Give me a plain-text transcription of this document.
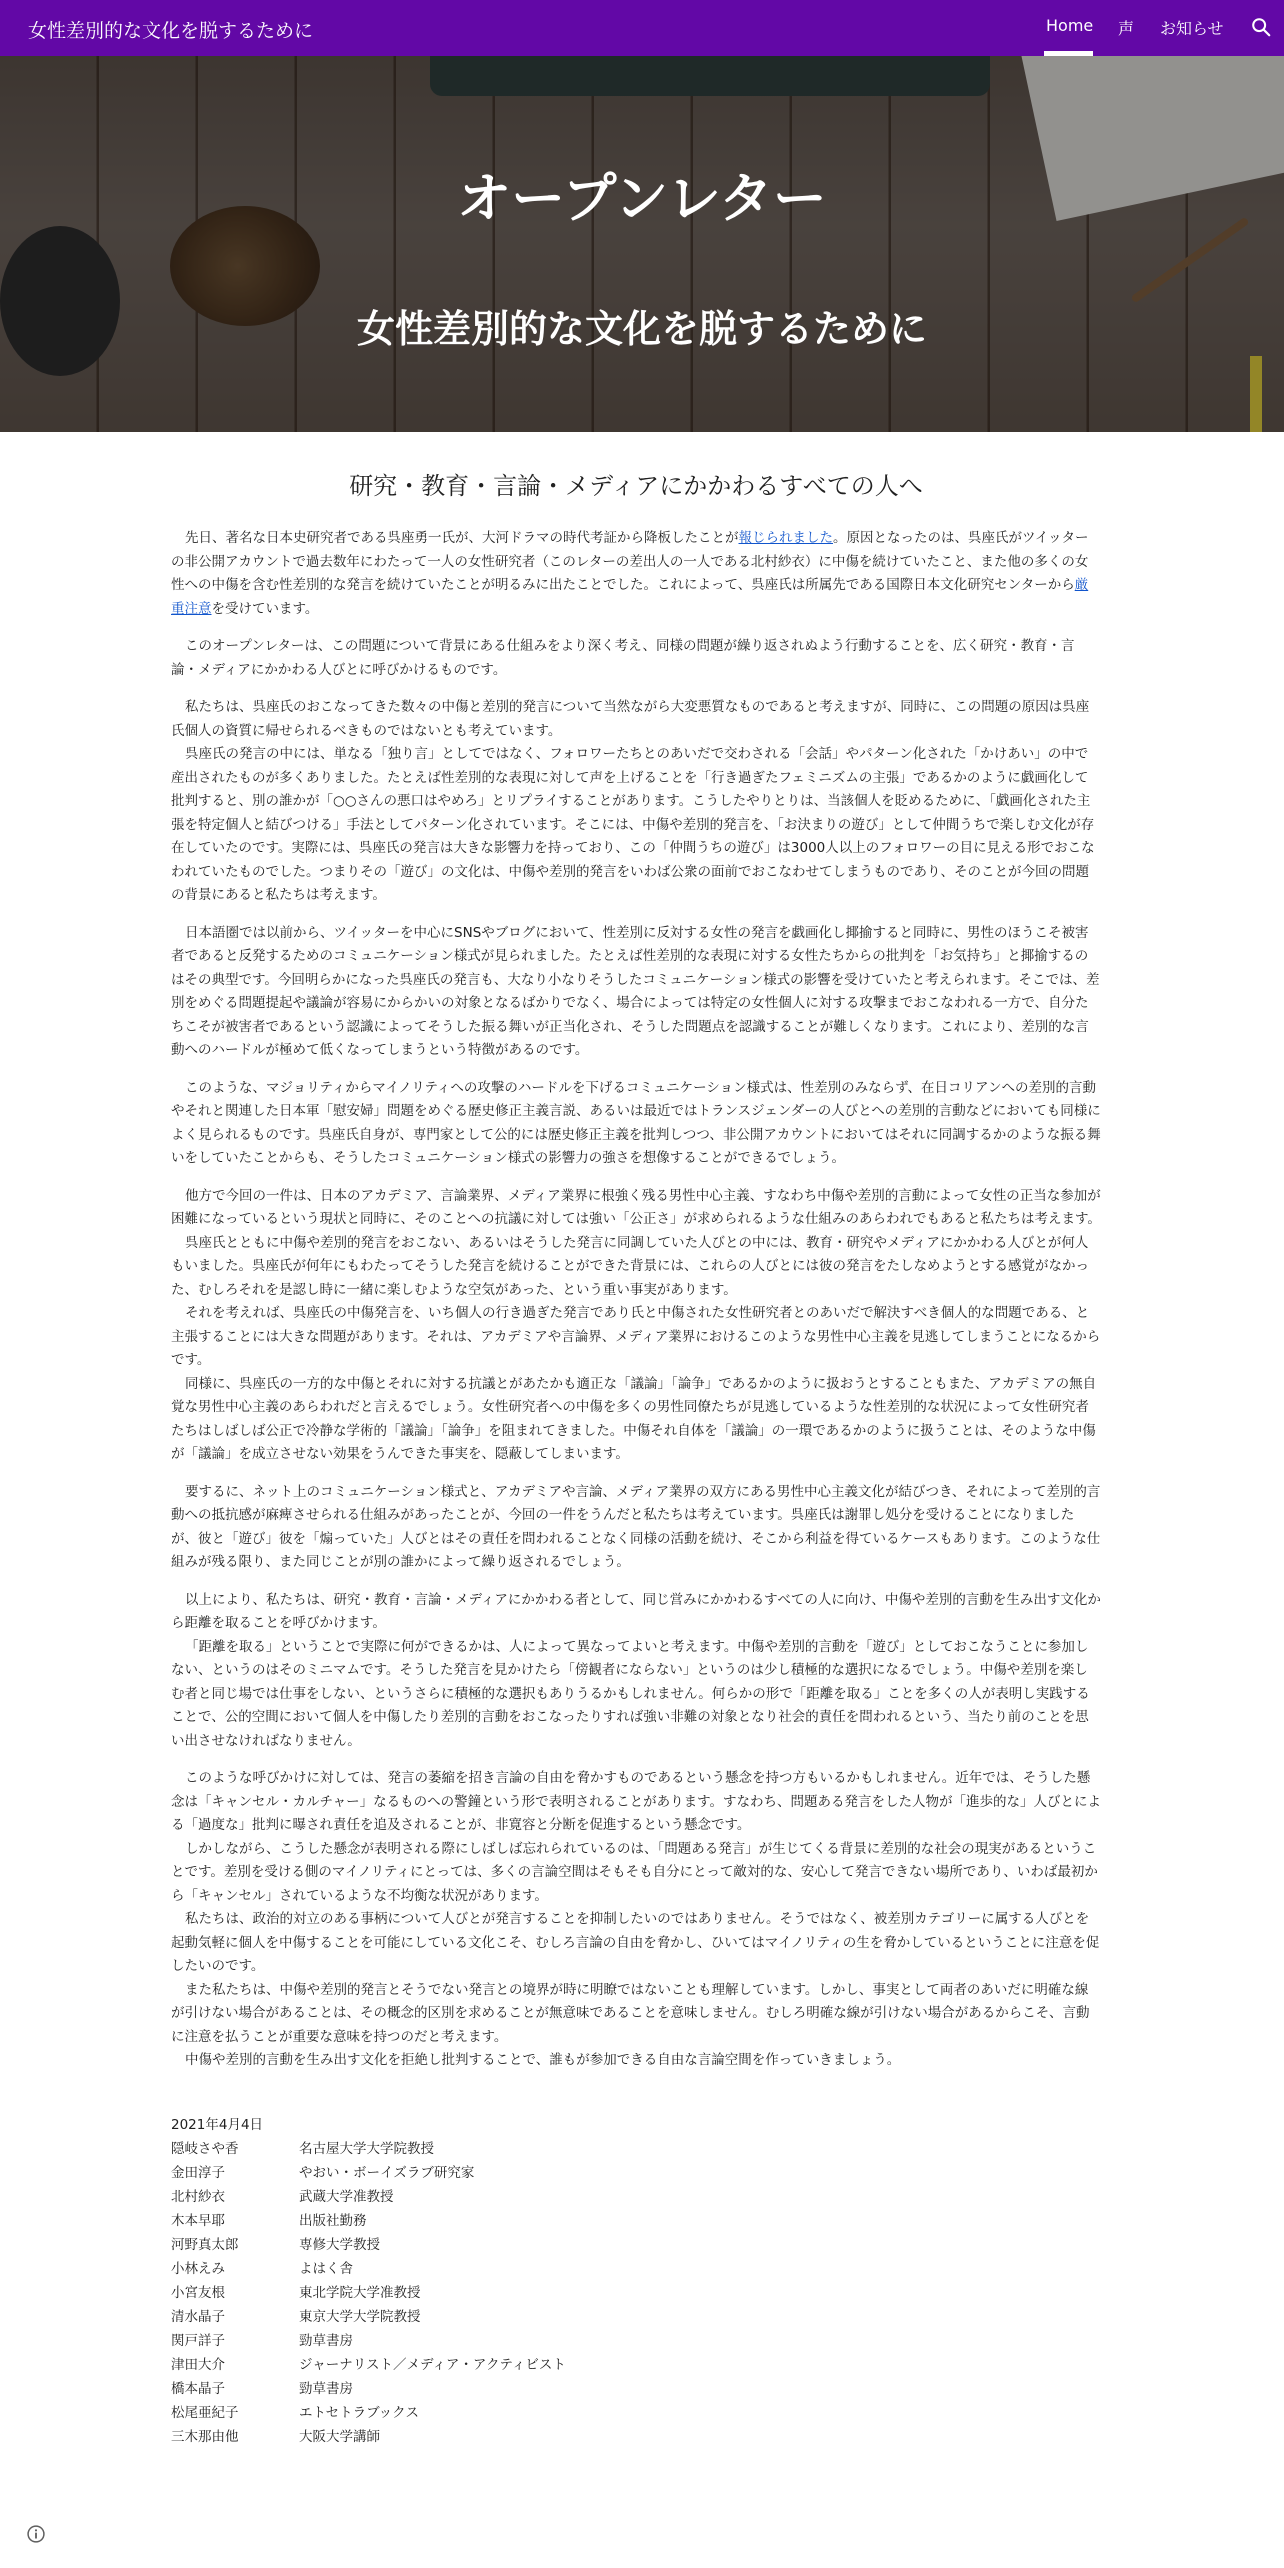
女性差別的な文化を脱するために	Home 声 お知らせ
オープンレター
女性差別的な文化を脱するために
研究・教育・言論・メディアにかかわるすべての人へ

先日、著名な日本史研究者である呉座勇一氏が、大河ドラマの時代考証から降板したことが報じられました。原因となったのは、呉座氏がツイッターの非公開アカウントで過去数年にわたって一人の女性研究者（このレターの差出人の一人である北村紗衣）に中傷を続けていたこと、また他の多くの女性への中傷を含む性差別的な発言を続けていたことが明るみに出たことでした。これによって、呉座氏は所属先である国際日本文化研究センターから厳重注意を受けています。

このオープンレターは、この問題について背景にある仕組みをより深く考え、同様の問題が繰り返されぬよう行動することを、広く研究・教育・言論・メディアにかかわる人びとに呼びかけるものです。

私たちは、呉座氏のおこなってきた数々の中傷と差別的発言について当然ながら大変悪質なものであると考えますが、同時に、この問題の原因は呉座氏個人の資質に帰せられるべきものではないとも考えています。
呉座氏の発言の中には、単なる「独り言」としてではなく、フォロワーたちとのあいだで交わされる「会話」やパターン化された「かけあい」の中で産出されたものが多くありました。たとえば性差別的な表現に対して声を上げることを「行き過ぎたフェミニズムの主張」であるかのように戯画化して批判すると、別の誰かが「○○さんの悪口はやめろ」とリプライすることがあります。こうしたやりとりは、当該個人を貶めるために、「戯画化された主張を特定個人と結びつける」手法としてパターン化されています。そこには、中傷や差別的発言を、「お決まりの遊び」として仲間うちで楽しむ文化が存在していたのです。実際には、呉座氏の発言は大きな影響力を持っており、この「仲間うちの遊び」は3000人以上のフォロワーの目に見える形でおこなわれていたものでした。つまりその「遊び」の文化は、中傷や差別的発言をいわば公衆の面前でおこなわせてしまうものであり、そのことが今回の問題の背景にあると私たちは考えます。

日本語圏では以前から、ツイッターを中心にSNSやブログにおいて、性差別に反対する女性の発言を戯画化し揶揄すると同時に、男性のほうこそ被害者であると反発するためのコミュニケーション様式が見られました。たとえば性差別的な表現に対する女性たちからの批判を「お気持ち」と揶揄するのはその典型です。今回明らかになった呉座氏の発言も、大なり小なりそうしたコミュニケーション様式の影響を受けていたと考えられます。そこでは、差別をめぐる問題提起や議論が容易にからかいの対象となるばかりでなく、場合によっては特定の女性個人に対する攻撃までおこなわれる一方で、自分たちこそが被害者であるという認識によってそうした振る舞いが正当化され、そうした問題点を認識することが難しくなります。これにより、差別的な言動へのハードルが極めて低くなってしまうという特徴があるのです。

このような、マジョリティからマイノリティへの攻撃のハードルを下げるコミュニケーション様式は、性差別のみならず、在日コリアンへの差別的言動やそれと関連した日本軍「慰安婦」問題をめぐる歴史修正主義言説、あるいは最近ではトランスジェンダーの人びとへの差別的言動などにおいても同様によく見られるものです。呉座氏自身が、専門家として公的には歴史修正主義を批判しつつ、非公開アカウントにおいてはそれに同調するかのような振る舞いをしていたことからも、そうしたコミュニケーション様式の影響力の強さを想像することができるでしょう。

他方で今回の一件は、日本のアカデミア、言論業界、メディア業界に根強く残る男性中心主義、すなわち中傷や差別的言動によって女性の正当な参加が困難になっているという現状と同時に、そのことへの抗議に対しては強い「公正さ」が求められるような仕組みのあらわれでもあると私たちは考えます。
呉座氏とともに中傷や差別的発言をおこない、あるいはそうした発言に同調していた人びとの中には、教育・研究やメディアにかかわる人びとが何人もいました。呉座氏が何年にもわたってそうした発言を続けることができた背景には、これらの人びとには彼の発言をたしなめようとする感覚がなかった、むしろそれを是認し時に一緒に楽しむような空気があった、という重い事実があります。
それを考えれば、呉座氏の中傷発言を、いち個人の行き過ぎた発言であり氏と中傷された女性研究者とのあいだで解決すべき個人的な問題である、と主張することには大きな問題があります。それは、アカデミアや言論界、メディア業界におけるこのような男性中心主義を見逃してしまうことになるからです。
同様に、呉座氏の一方的な中傷とそれに対する抗議とがあたかも適正な「議論」「論争」であるかのように扱おうとすることもまた、アカデミアの無自覚な男性中心主義のあらわれだと言えるでしょう。女性研究者への中傷を多くの男性同僚たちが見逃しているような性差別的な状況によって女性研究者たちはしばしば公正で冷静な学術的「議論」「論争」を阻まれてきました。中傷それ自体を「議論」の一環であるかのように扱うことは、そのような中傷が「議論」を成立させない効果をうんできた事実を、隠蔽してしまいます。

要するに、ネット上のコミュニケーション様式と、アカデミアや言論、メディア業界の双方にある男性中心主義文化が結びつき、それによって差別的言動への抵抗感が麻痺させられる仕組みがあったことが、今回の一件をうんだと私たちは考えています。呉座氏は謝罪し処分を受けることになりましたが、彼と「遊び」彼を「煽っていた」人びとはその責任を問われることなく同様の活動を続け、そこから利益を得ているケースもあります。このような仕組みが残る限り、また同じことが別の誰かによって繰り返されるでしょう。

以上により、私たちは、研究・教育・言論・メディアにかかわる者として、同じ営みにかかわるすべての人に向け、中傷や差別的言動を生み出す文化から距離を取ることを呼びかけます。
「距離を取る」ということで実際に何ができるかは、人によって異なってよいと考えます。中傷や差別的言動を「遊び」としておこなうことに参加しない、というのはそのミニマムです。そうした発言を見かけたら「傍観者にならない」というのは少し積極的な選択になるでしょう。中傷や差別を楽しむ者と同じ場では仕事をしない、というさらに積極的な選択もありうるかもしれません。何らかの形で「距離を取る」ことを多くの人が表明し実践することで、公的空間において個人を中傷したり差別的言動をおこなったりすれば強い非難の対象となり社会的責任を問われるという、当たり前のことを思い出させなければなりません。

このような呼びかけに対しては、発言の萎縮を招き言論の自由を脅かすものであるという懸念を持つ方もいるかもしれません。近年では、そうした懸念は「キャンセル・カルチャー」なるものへの警鐘という形で表明されることがあります。すなわち、問題ある発言をした人物が「進歩的な」人びとによる「過度な」批判に曝され責任を追及されることが、非寛容と分断を促進するという懸念です。
しかしながら、こうした懸念が表明される際にしばしば忘れられているのは、「問題ある発言」が生じてくる背景に差別的な社会の現実があるということです。差別を受ける側のマイノリティにとっては、多くの言論空間はそもそも自分にとって敵対的な、安心して発言できない場所であり、いわば最初から「キャンセル」されているような不均衡な状況があります。
私たちは、政治的対立のある事柄について人びとが発言することを抑制したいのではありません。そうではなく、被差別カテゴリーに属する人びとを起動気軽に個人を中傷することを可能にしている文化こそ、むしろ言論の自由を脅かし、ひいてはマイノリティの生を脅かしているということに注意を促したいのです。
また私たちは、中傷や差別的発言とそうでない発言との境界が時に明瞭ではないことも理解しています。しかし、事実として両者のあいだに明確な線が引けない場合があることは、その概念的区別を求めることが無意味であることを意味しません。むしろ明確な線が引けない場合があるからこそ、言動に注意を払うことが重要な意味を持つのだと考えます。
中傷や差別的言動を生み出す文化を拒絶し批判することで、誰もが参加できる自由な言論空間を作っていきましょう。

2021年4月4日
隠岐さや香	名古屋大学大学院教授
金田淳子	やおい・ボーイズラブ研究家
北村紗衣	武蔵大学准教授
木本早耶	出版社勤務
河野真太郎	専修大学教授
小林えみ	よはく舎
小宮友根	東北学院大学准教授
清水晶子	東京大学大学院教授
関戸詳子	勁草書房
津田大介	ジャーナリスト／メディア・アクティビスト
橋本晶子	勁草書房
松尾亜紀子	エトセトラブックス
三木那由他	大阪大学講師
